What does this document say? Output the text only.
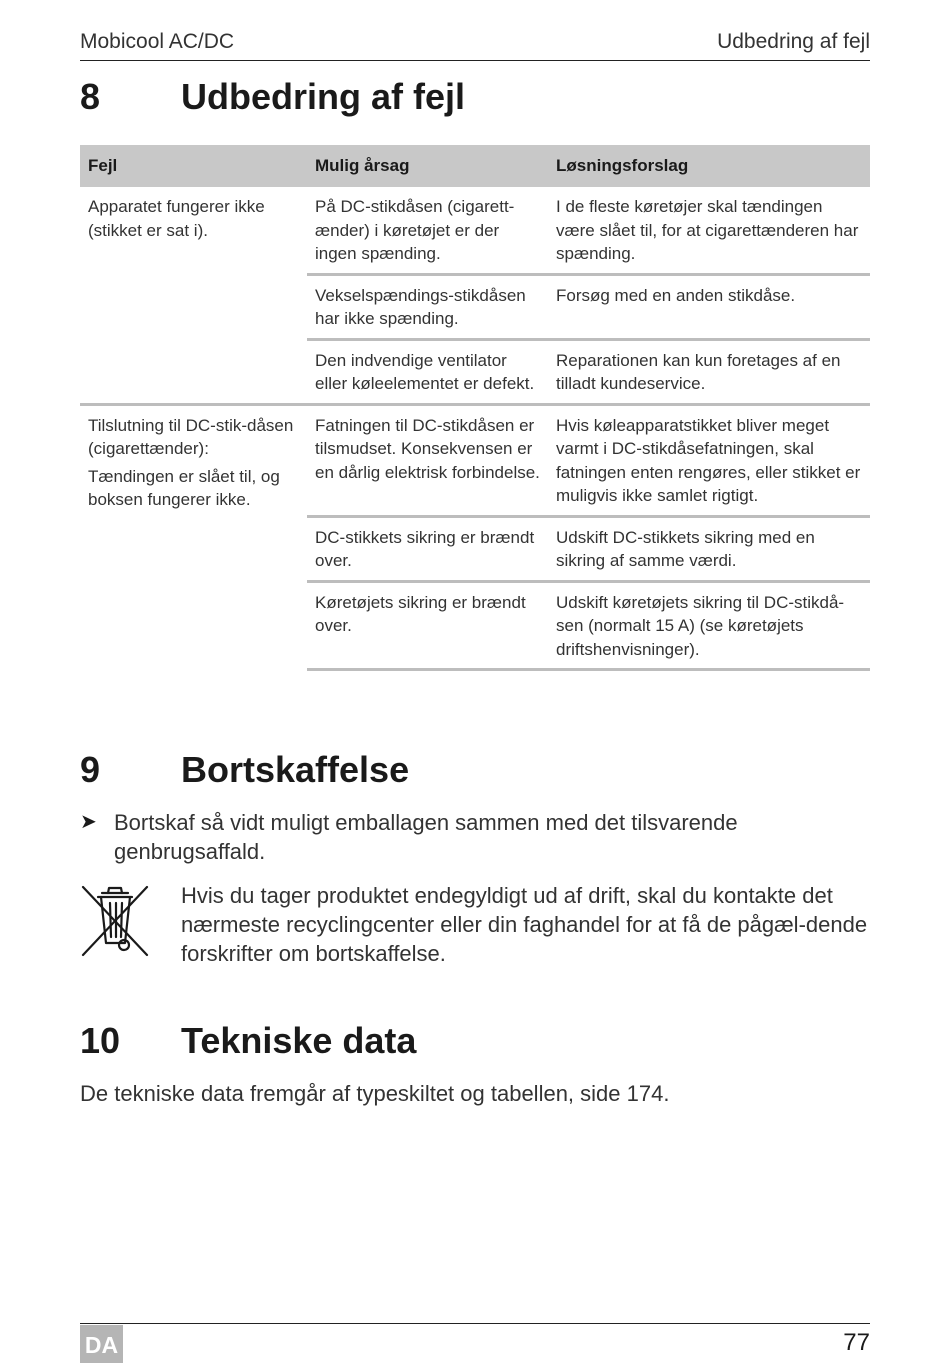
Mobicool AC/DC	Udbedring af fejl
8 Udbedring af fejl
Fejl	Mulig årsag	Løsningsforslag

Apparatet fungerer ikke (stikket er sat i).	På DC-stikdåsen (cigarett-ænder) i køretøjet er der ingen spænding.	I de fleste køretøjer skal tændingen være slået til, for at cigarettænderen har spænding.
	Vekselspændings-stikdåsen har ikke spænding.	Forsøg med en anden stikdåse.
	Den indvendige ventilator eller køleelementet er defekt.	Reparationen kan kun foretages af en tilladt kundeservice.

Tilslutning til DC-stik-dåsen (cigarettænder):
Tændingen er slået til, og boksen fungerer ikke.	Fatningen til DC-stikdåsen er tilsmudset. Konsekvensen er en dårlig elektrisk forbindelse.	Hvis køleapparatstikket bliver meget varmt i DC-stikdåsefatningen, skal fatningen enten rengøres, eller stikket er muligvis ikke samlet rigtigt.
	DC-stikkets sikring er brændt over.	Udskift DC-stikkets sikring med en sikring af samme værdi.
	Køretøjets sikring er brændt over.	Udskift køretøjets sikring til DC-stikdå-sen (normalt 15 A) (se køretøjets driftshenvisninger).
9 Bortskaffelse
➤ Bortskaf så vidt muligt emballagen sammen med det tilsvarende genbrugsaffald.
Hvis du tager produktet endegyldigt ud af drift, skal du kontakte det nærmeste recyclingcenter eller din faghandel for at få de pågæl-dende forskrifter om bortskaffelse.
10 Tekniske data
De tekniske data fremgår af typeskiltet og tabellen, side 174.
DA	77
